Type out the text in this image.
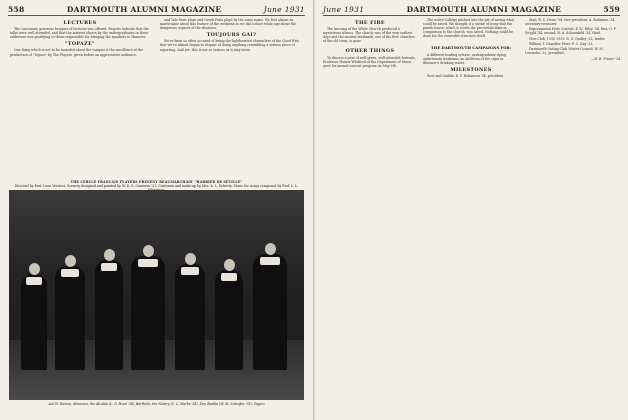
558	DARTMOUTH ALUMNI MAGAZINE	June 1931
LECTURES

The customary generous bouquet of lectures was offered. Reports indicate that the talks were well attended, and that the interest shown by the undergraduates in these addresses was gratifying to those responsible for bringing the speakers to Hanover.

"TOPAZE"

One thing which is not to be hounded about the campus is the excellence of the production of "Topaze" by The Players, given before an appreciative audience.

and Yale Paris plays and Greek Paris plays by the same name. We feel almost as inarticulate about this feature of the weekend as we did a short while ago about the dangerous aspects of the situation.

TOUJOURS GAI?

We've been so often accused of being the lighthearted chroniclers of the Good Wits that we've almost begun to despair of doing anything resembling a serious piece of reporting. And yet, this is not so serious as it may seem.

THE CERCLE FRANCAIS PLAYERS PRESENT BEAUMARCHAIS' "BARBIER DE SÉVILLE"
Directed by Prof. Leon Verriest. Scenery designed and painted by W. D. G. Cameron '31. Costumes and make-up by Mrs. A. L. Doherty. Music for songs composed by Prof. L. L.
Act IV. Rosina, Almaviva, the Alcalde (L. G. Hunt '34), Bartholo, the Notary (C. L. Marks '34), Don Basilio (W. M. Schuyler '31), Figaro
June 1931	DARTMOUTH ALUMNI MAGAZINE	559
THE FIRE

The burning of the White Church produced a mysterious silence. The church was of the very earliest days and the ancient landmark, one of the first churches of the old town, is gone.

OTHER THINGS

To discuss a year of well-given, well-attended festivals, Professor Homer Whitford of the Department of Music gave his annual concert program on May 6th.

The active College pitched into the job of saving what could be saved. We thought it a stroke of irony that the parish house, which is worth the proverbial dime in comparison to the church, was saved. Nothing could be done for the venerable structure itself.

THE DARTMOUTH CAMPAIGNS FOR:

A different leading system; undergraduate dying; unfortunate freshmen; an abolition of the cigar in Bloomer's drinking water.

MILESTONES

Root and Saddle: E. P. Hokanson '34, president.

dent; R. C. Davis '34, vice-president; A. Robinson '34, secretary-treasurer.

Experimental Prize Contest: F. M. Riley '34, first; G. F. Wright '34, second; R. A. Schoenfeld '34, third.

Glee Club, 1931-1932: D. G. Dudley '32, leader.

William T. Chandler Prize: F. C. Kay '33.

Dartmouth Outing Club Winter Council: W. M. Lewisohn '32, president.

—W. B. Fraser '34
